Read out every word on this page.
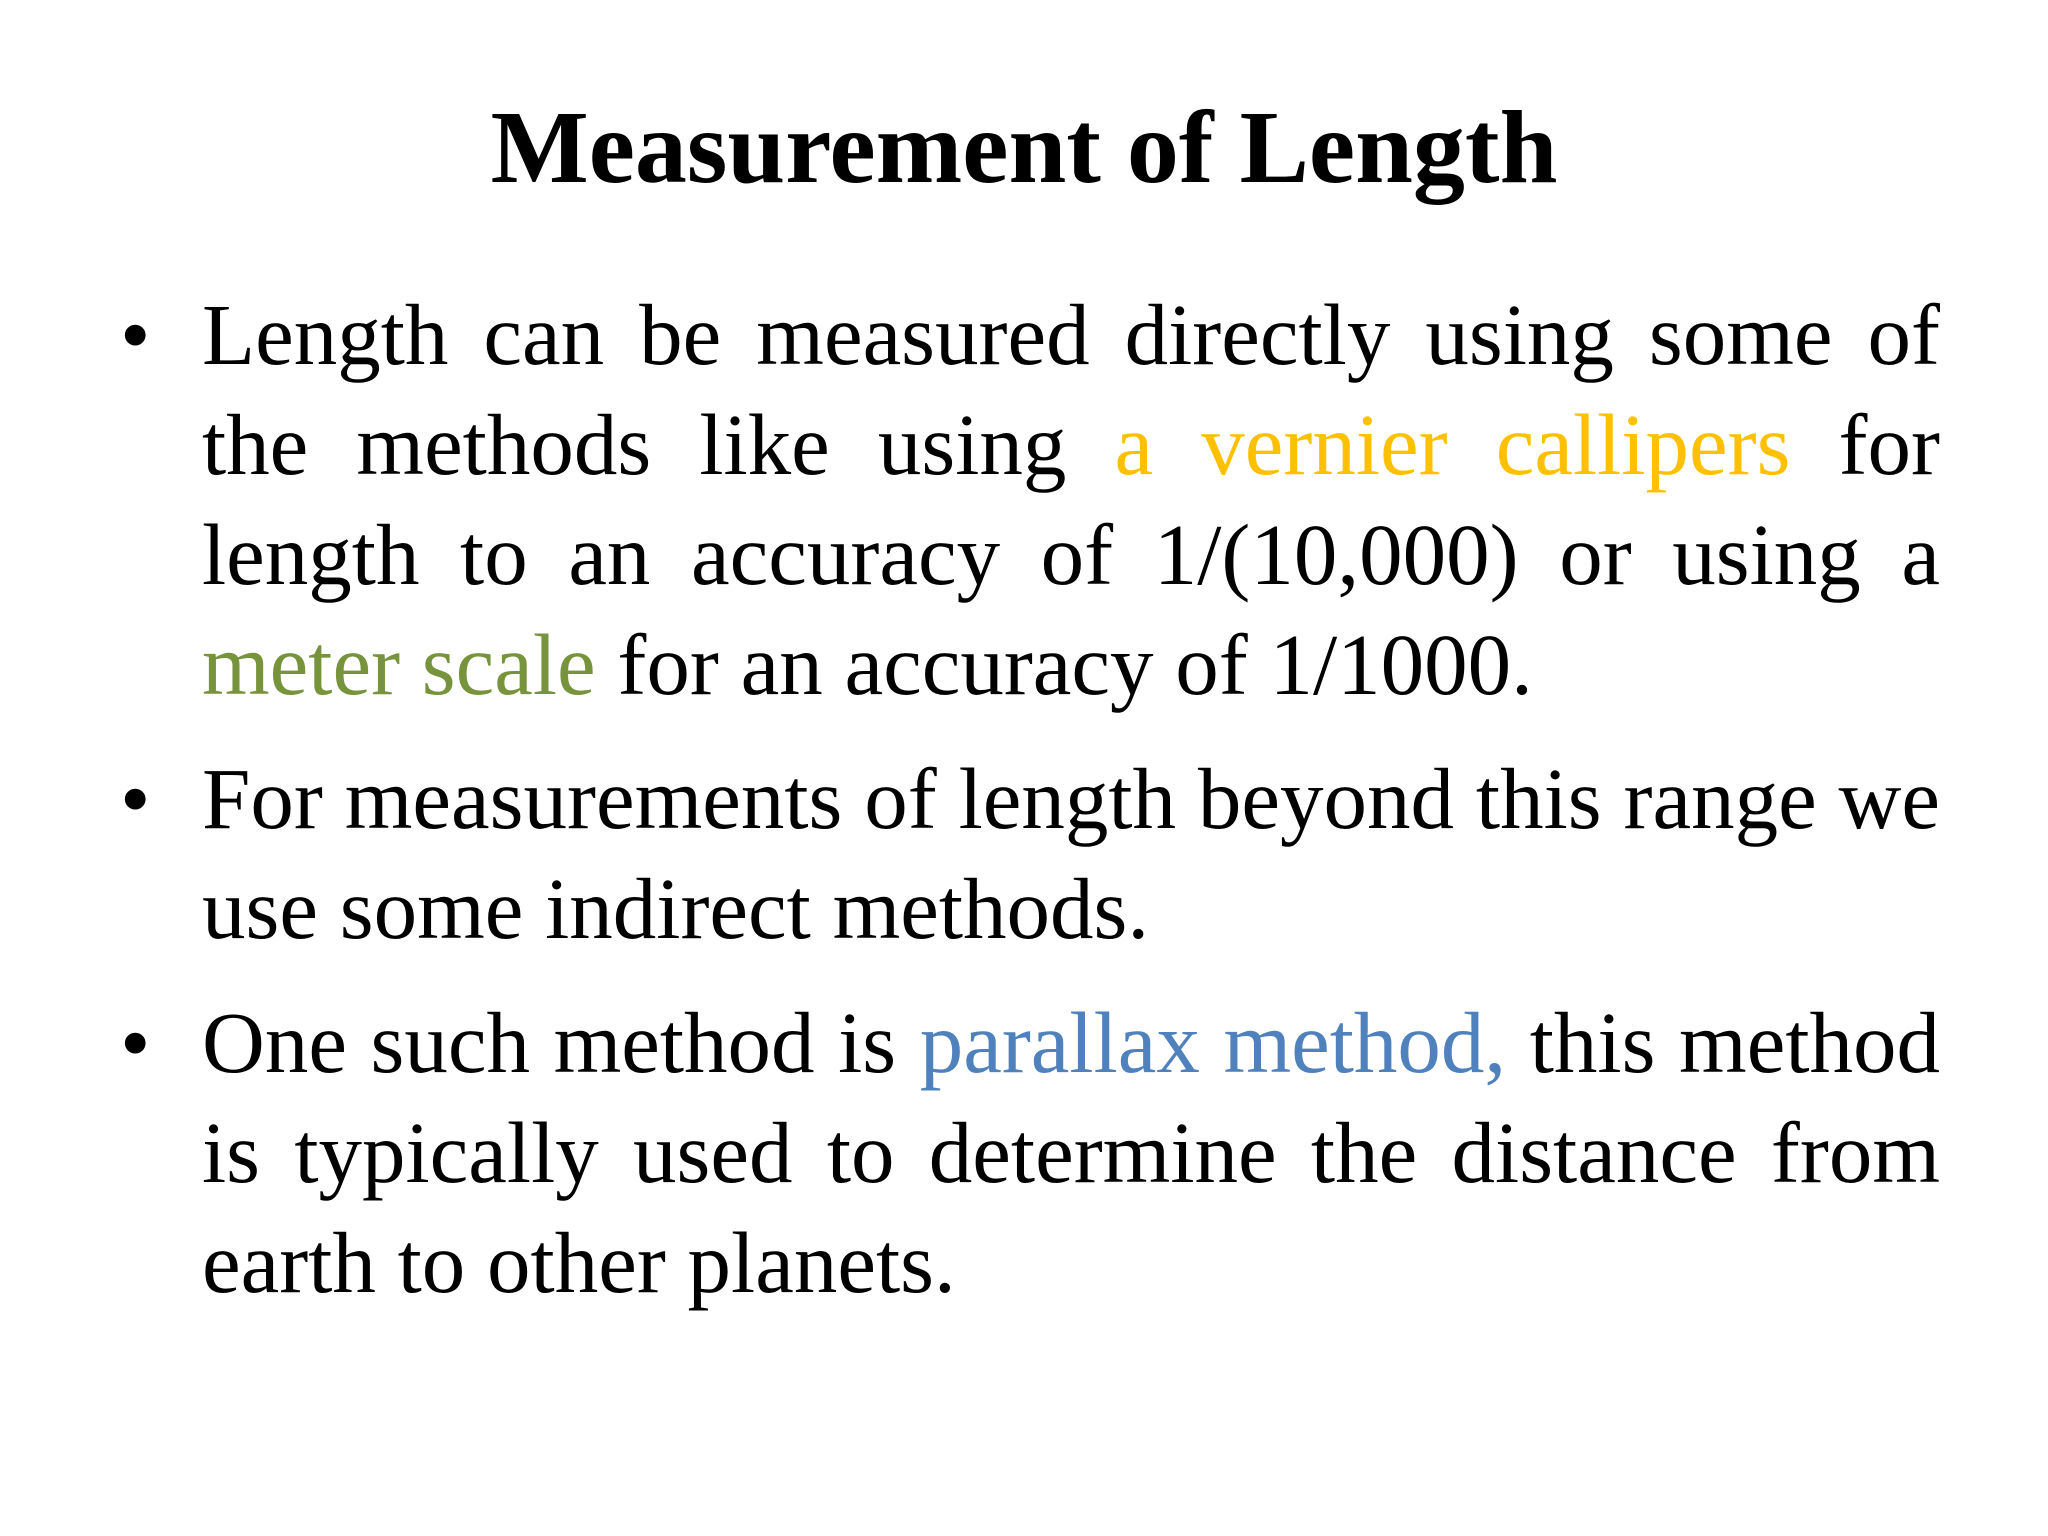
Measurement of Length
• Length can be measured directly using some of the methods like using a vernier callipers for length to an accuracy of 1/(10,000) or using a meter scale for an accuracy of 1/1000.
• For measurements of length beyond this range we use some indirect methods.
• One such method is parallax method, this method is typically used to determine the distance from earth to other planets.
